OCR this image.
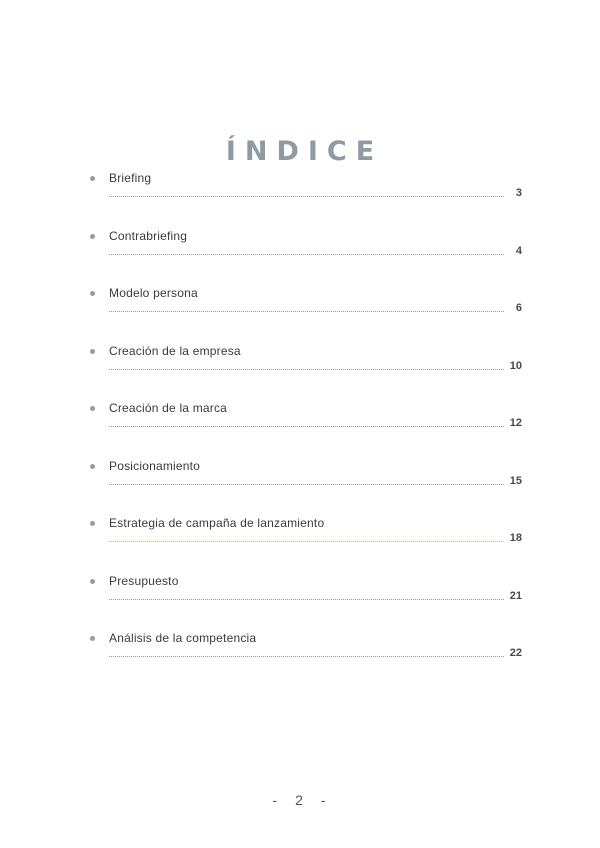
ÍNDICE
Briefing
3
Contrabriefing
4
Modelo persona
6
Creación de la empresa
10
Creación de la marca
12
Posicionamiento
15
Estrategia de campaña de lanzamiento
18
Presupuesto
21
Análisis de la competencia
22
- 2 -
